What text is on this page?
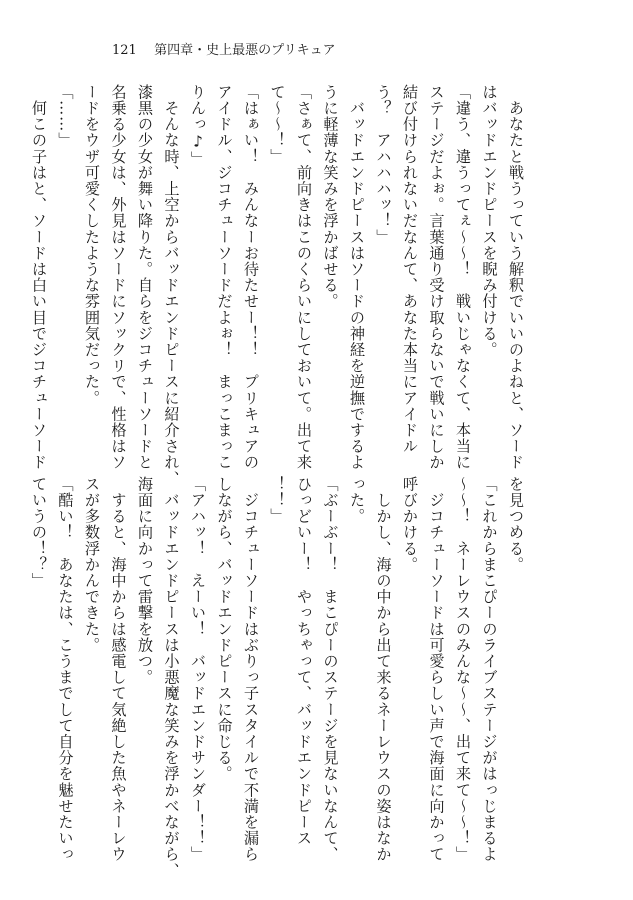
121 第四章・史上最悪のプリキュア
　あなたと戦うっていう解釈でいいのよねと、ソード
はバッドエンドピースを睨み付ける。
「違う、違うってぇ〜〜！　戦いじゃなくて、本当に
ステージだよぉ。言葉通り受け取らないで戦いにしか
結び付けられないだなんて、あなた本当にアイドル
う？　アハハハッ！」
　バッドエンドピースはソードの神経を逆撫でするよ
うに軽薄な笑みを浮かばせる。
「さぁて、前向きはこのくらいにしておいて。出て来
て〜〜！」
「はぁい！　みんなーお待たせー！！　プリキュアの
アイドル、ジコチューソードだよぉ！　まっこまっこ
りんっ♪」
　そんな時、上空からバッドエンドピースに紹介され、
漆黒の少女が舞い降りた。自らをジコチューソードと
名乗る少女は、外見はソードにソックリで、性格はソ
ードをウザ可愛くしたような雰囲気だった。
「……」
　何この子はと、ソードは白い目でジコチューソード
を見つめる。
「これからまこぴーのライブステージがはっじまるよ
〜〜！　ネーレウスのみんな〜〜、出て来て〜〜！」
　ジコチューソードは可愛らしい声で海面に向かって
呼びかける。
　しかし、海の中から出て来るネーレウスの姿はなか
った。
「ぶーぶー！　まこぴーのステージを見ないなんて、
ひっどいー！　やっちゃって、バッドエンドピース
！！」
　ジコチューソードはぶりっ子スタイルで不満を漏ら
しながら、バッドエンドピースに命じる。
「アハッ！　えーい！　バッドエンドサンダー！！」
　バッドエンドピースは小悪魔な笑みを浮かべながら、
海面に向かって雷撃を放つ。
　すると、海中からは感電して気絶した魚やネーレウ
スが多数浮かんできた。
「酷い！　あなたは、こうまでして自分を魅せたいっ
ていうの！？」
